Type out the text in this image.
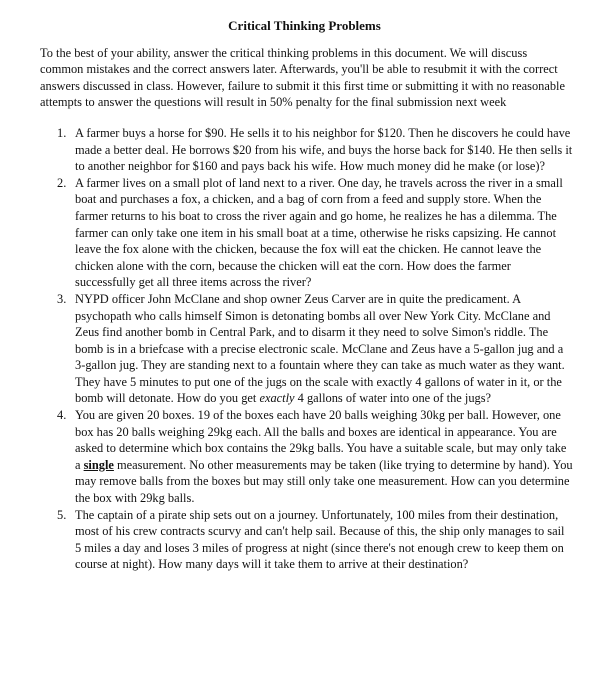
Critical Thinking Problems

To the best of your ability, answer the critical thinking problems in this document. We will discuss common mistakes and the correct answers later. Afterwards, you'll be able to resubmit it with the correct answers discussed in class. However, failure to submit it this first time or submitting it with no reasonable attempts to answer the questions will result in 50% penalty for the final submission next week

1. A farmer buys a horse for $90. He sells it to his neighbor for $120. Then he discovers he could have made a better deal. He borrows $20 from his wife, and buys the horse back for $140. He then sells it to another neighbor for $160 and pays back his wife. How much money did he make (or lose)?
2. A farmer lives on a small plot of land next to a river. One day, he travels across the river in a small boat and purchases a fox, a chicken, and a bag of corn from a feed and supply store. When the farmer returns to his boat to cross the river again and go home, he realizes he has a dilemma. The farmer can only take one item in his small boat at a time, otherwise he risks capsizing. He cannot leave the fox alone with the chicken, because the fox will eat the chicken. He cannot leave the chicken alone with the corn, because the chicken will eat the corn. How does the farmer successfully get all three items across the river?
3. NYPD officer John McClane and shop owner Zeus Carver are in quite the predicament. A psychopath who calls himself Simon is detonating bombs all over New York City. McClane and Zeus find another bomb in Central Park, and to disarm it they need to solve Simon's riddle. The bomb is in a briefcase with a precise electronic scale. McClane and Zeus have a 5-gallon jug and a 3-gallon jug. They are standing next to a fountain where they can take as much water as they want. They have 5 minutes to put one of the jugs on the scale with exactly 4 gallons of water in it, or the bomb will detonate. How do you get exactly 4 gallons of water into one of the jugs?
4. You are given 20 boxes. 19 of the boxes each have 20 balls weighing 30kg per ball. However, one box has 20 balls weighing 29kg each. All the balls and boxes are identical in appearance. You are asked to determine which box contains the 29kg balls. You have a suitable scale, but may only take a single measurement. No other measurements may be taken (like trying to determine by hand). You may remove balls from the boxes but may still only take one measurement. How can you determine the box with 29kg balls.
5. The captain of a pirate ship sets out on a journey. Unfortunately, 100 miles from their destination, most of his crew contracts scurvy and can't help sail. Because of this, the ship only manages to sail 5 miles a day and loses 3 miles of progress at night (since there's not enough crew to keep them on course at night). How many days will it take them to arrive at their destination?
